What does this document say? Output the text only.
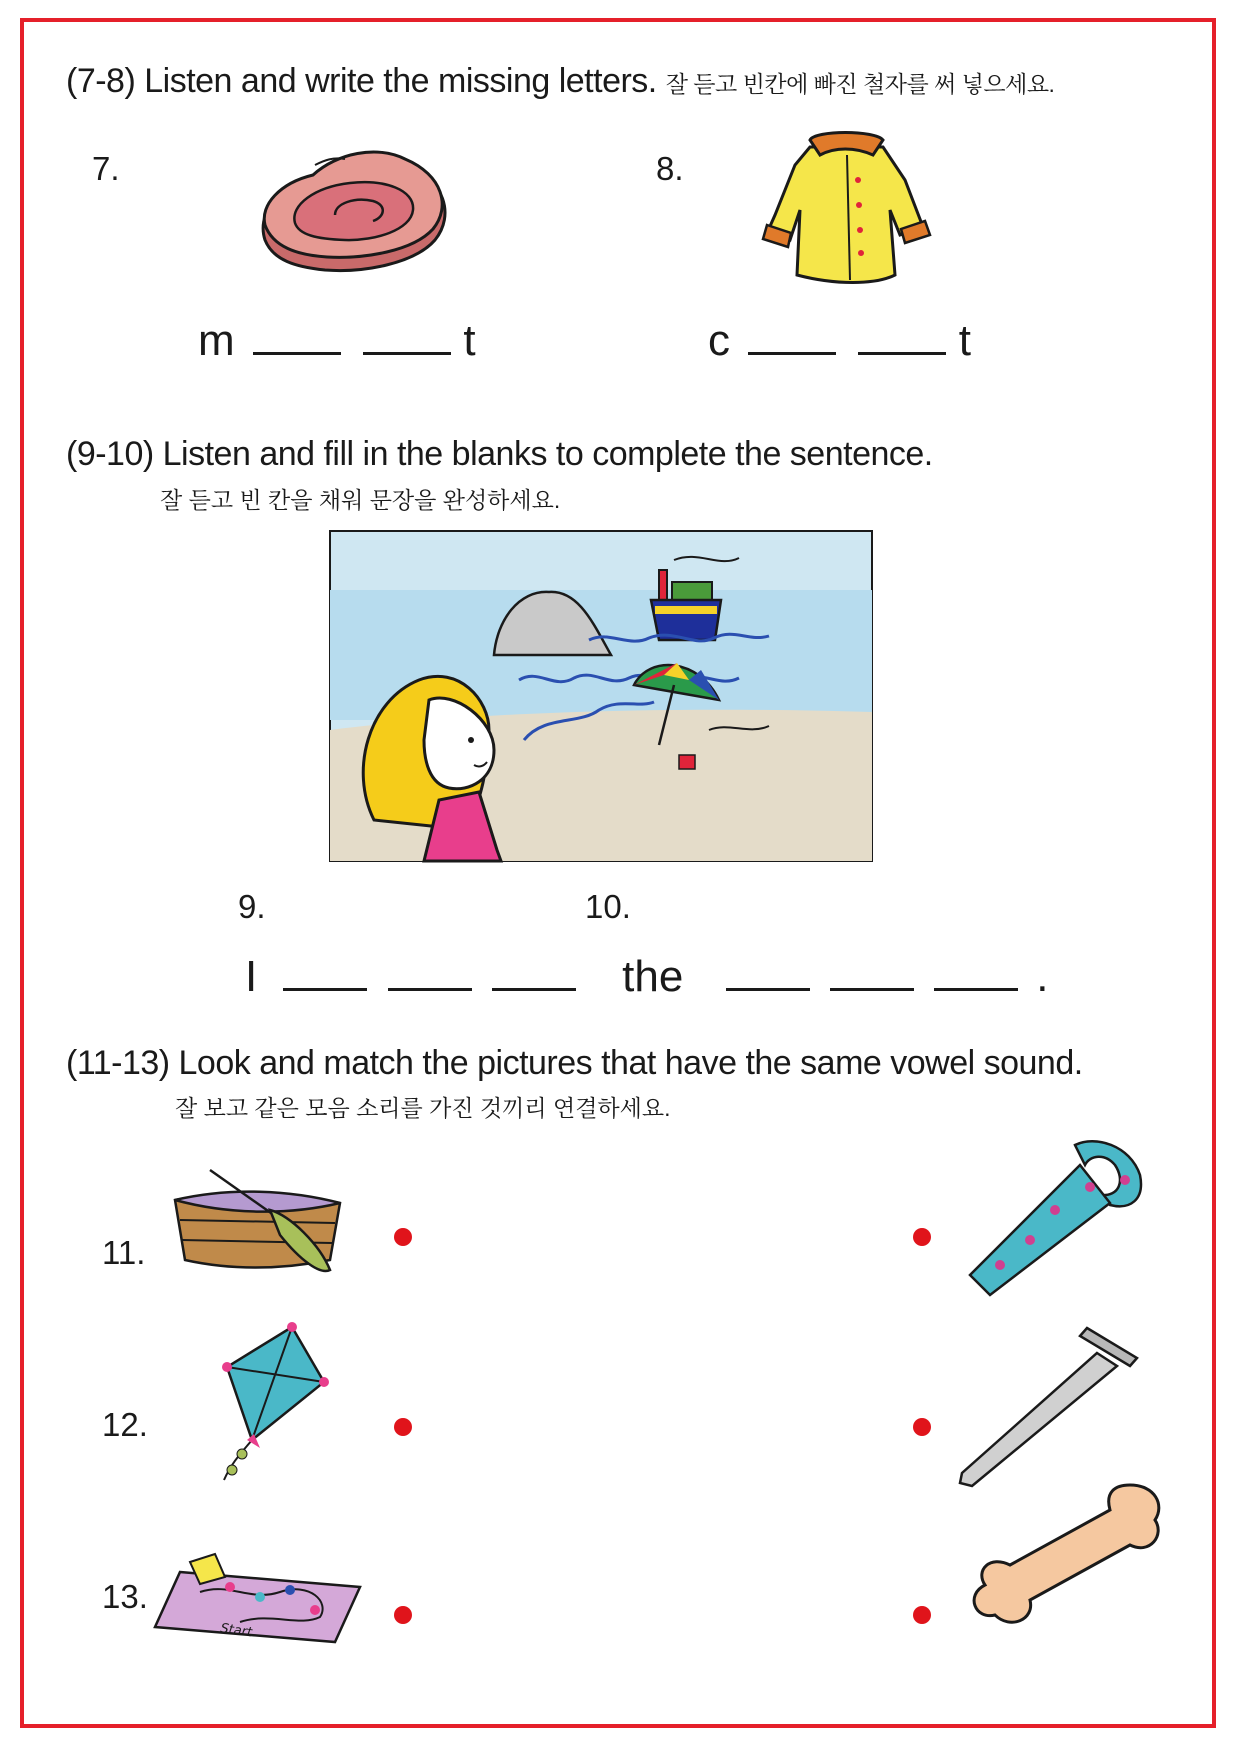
(7-8) Listen and write the missing letters. 잘 듣고 빈칸에 빠진 철자를 써 넣으세요.
7.	8.
m	t	c	t
(9-10) Listen and fill in the blanks to complete the sentence.
잘 듣고 빈 칸을 채워 문장을 완성하세요.
9.	10.
I	the	.
(11-13) Look and match the pictures that have the same vowel sound.
잘 보고 같은 모음 소리를 가진 것끼리 연결하세요.
11.
12.
13.
Start
